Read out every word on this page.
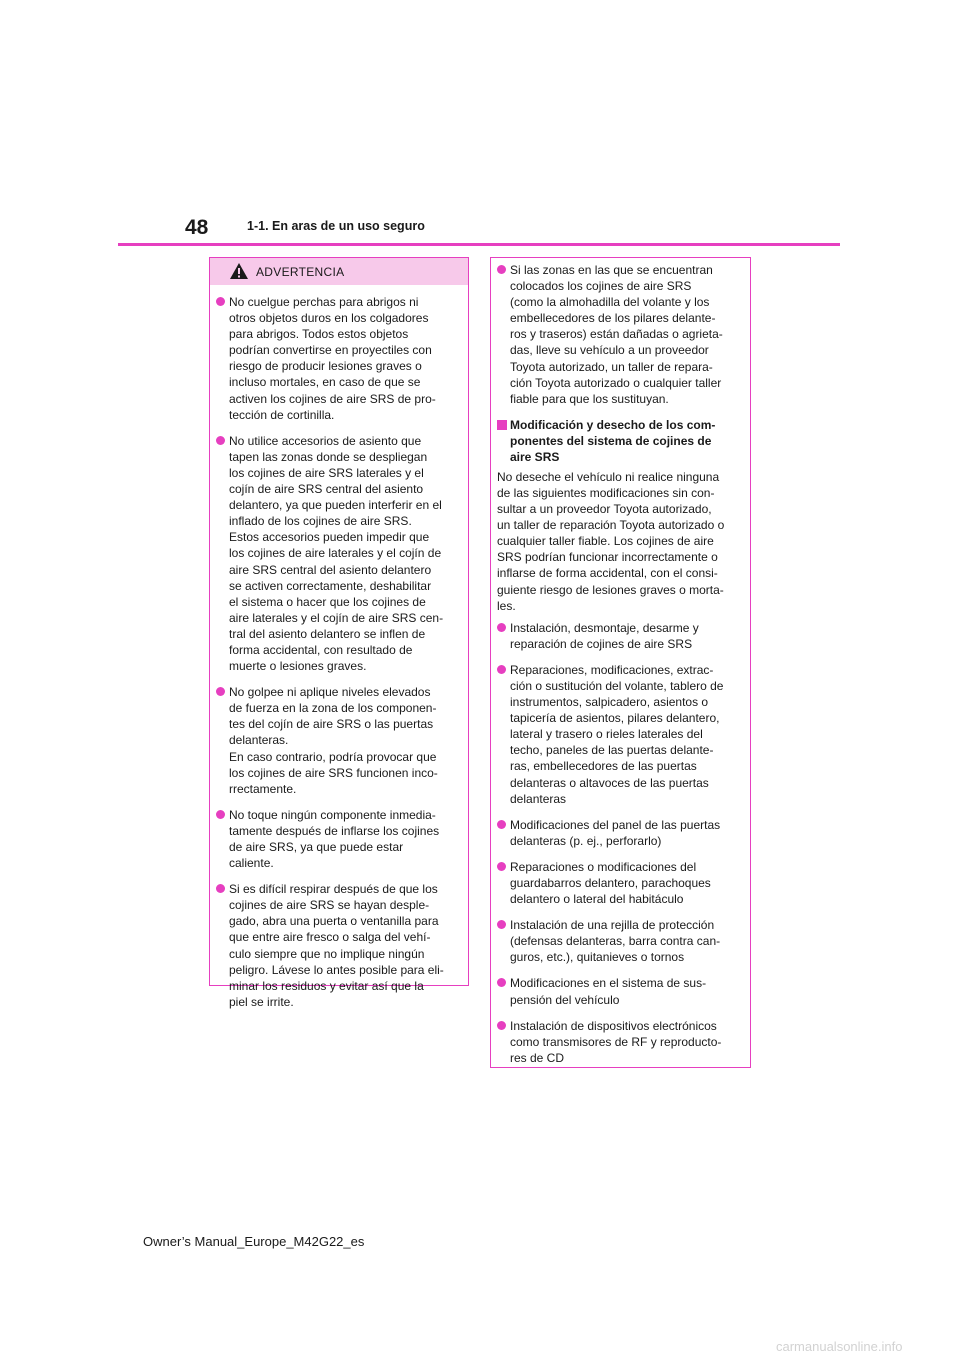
48	1-1. En aras de un uso seguro
ADVERTENCIA
No cuelgue perchas para abrigos ni
otros objetos duros en los colgadores
para abrigos. Todos estos objetos
podrían convertirse en proyectiles con
riesgo de producir lesiones graves o
incluso mortales, en caso de que se
activen los cojines de aire SRS de pro-
tección de cortinilla.
No utilice accesorios de asiento que
tapen las zonas donde se despliegan
los cojines de aire SRS laterales y el
cojín de aire SRS central del asiento
delantero, ya que pueden interferir en el
inflado de los cojines de aire SRS.
Estos accesorios pueden impedir que
los cojines de aire laterales y el cojín de
aire SRS central del asiento delantero
se activen correctamente, deshabilitar
el sistema o hacer que los cojines de
aire laterales y el cojín de aire SRS cen-
tral del asiento delantero se inflen de
forma accidental, con resultado de
muerte o lesiones graves.
No golpee ni aplique niveles elevados
de fuerza en la zona de los componen-
tes del cojín de aire SRS o las puertas
delanteras.
En caso contrario, podría provocar que
los cojines de aire SRS funcionen inco-
rrectamente.
No toque ningún componente inmedia-
tamente después de inflarse los cojines
de aire SRS, ya que puede estar
caliente.
Si es difícil respirar después de que los
cojines de aire SRS se hayan desple-
gado, abra una puerta o ventanilla para
que entre aire fresco o salga del vehí-
culo siempre que no implique ningún
peligro. Lávese lo antes posible para eli-
minar los residuos y evitar así que la
piel se irrite.
Si las zonas en las que se encuentran
colocados los cojines de aire SRS
(como la almohadilla del volante y los
embellecedores de los pilares delante-
ros y traseros) están dañadas o agrieta-
das, lleve su vehículo a un proveedor
Toyota autorizado, un taller de repara-
ción Toyota autorizado o cualquier taller
fiable para que los sustituyan.
Modificación y desecho de los com-
ponentes del sistema de cojines de
aire SRS
No deseche el vehículo ni realice ninguna
de las siguientes modificaciones sin con-
sultar a un proveedor Toyota autorizado,
un taller de reparación Toyota autorizado o
cualquier taller fiable. Los cojines de aire
SRS podrían funcionar incorrectamente o
inflarse de forma accidental, con el consi-
guiente riesgo de lesiones graves o morta-
les.
Instalación, desmontaje, desarme y
reparación de cojines de aire SRS
Reparaciones, modificaciones, extrac-
ción o sustitución del volante, tablero de
instrumentos, salpicadero, asientos o
tapicería de asientos, pilares delantero,
lateral y trasero o rieles laterales del
techo, paneles de las puertas delante-
ras, embellecedores de las puertas
delanteras o altavoces de las puertas
delanteras
Modificaciones del panel de las puertas
delanteras (p. ej., perforarlo)
Reparaciones o modificaciones del
guardabarros delantero, parachoques
delantero o lateral del habitáculo
Instalación de una rejilla de protección
(defensas delanteras, barra contra can-
guros, etc.), quitanieves o tornos
Modificaciones en el sistema de sus-
pensión del vehículo
Instalación de dispositivos electrónicos
como transmisores de RF y reproducto-
res de CD
Owner’s Manual_Europe_M42G22_es
carmanualsonline.info
